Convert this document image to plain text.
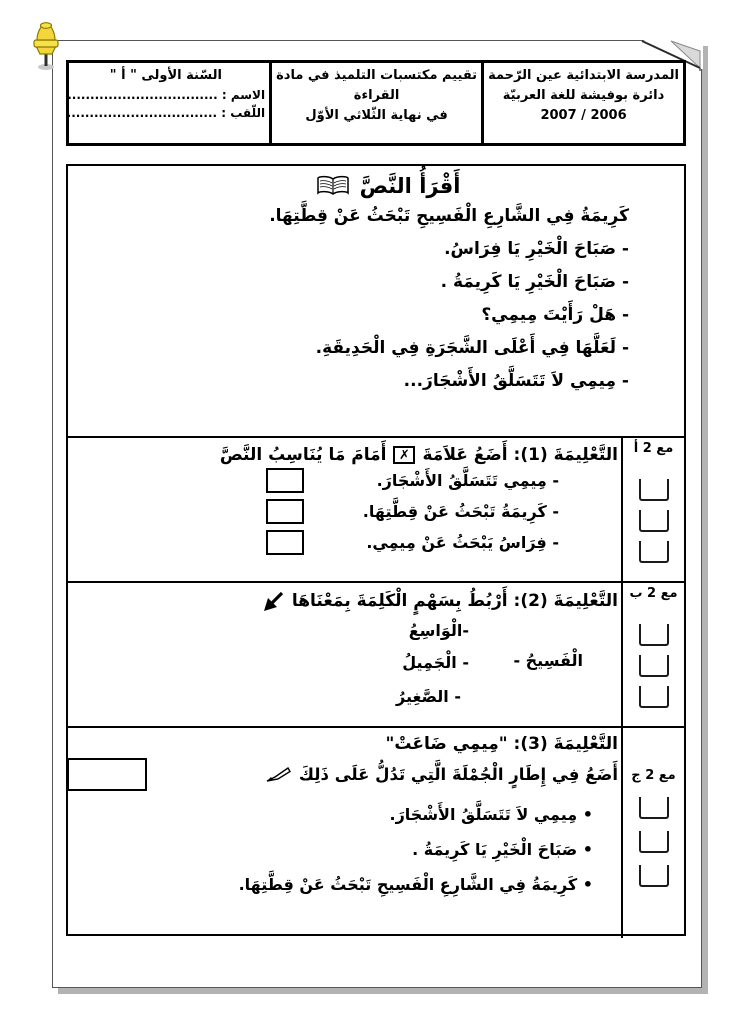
المدرسة الابتدائية عين الرّحمة
دائرة بوفيشة للغة العربيّة
2006 / 2007
تقييم مكتسبات التلميذ في مادة
القراءة
في نهاية الثّلاثي الأوّل
السّنة الأولى " أ "
الاسم : .................................
اللّقب : .................................
أَقْرَأُ النَّصَّ
كَرِيمَةُ فِي الشَّارِعِ الْفَسِيحِ تَبْحَثُ عَنْ قِطَّتِهَا.
- صَبَاحَ الْخَيْرِ يَا فِرَاسُ.
- صَبَاحَ الْخَيْرِ يَا كَرِيمَةُ .
- هَلْ رَأَيْتَ مِيمِي؟
- لَعَلَّهَا فِي أَعْلَى الشَّجَرَةِ فِي الْحَدِيقَةِ.
- مِيمِي لاَ تَتَسَلَّقُ الأَشْجَارَ...
مع 2 أ
التَّعْلِيمَةَ (1): أَضَعُ عَلاَمَةَ
✗
أَمَامَ مَا يُنَاسِبُ النَّصَّ
- مِيمِي تَتَسَلَّقُ الأَشْجَارَ.
- كَرِيمَةُ تَبْحَثُ عَنْ قِطَّتِهَا.
- فِرَاسُ يَبْحَثُ عَنْ مِيمِي.
مع 2 ب
التَّعْلِيمَةَ (2): أَرْبُطُ بِسَهْمٍ الْكَلِمَةَ بِمَعْنَاهَا
الْفَسِيحُ -
-الْوَاسِعُ
- الْجَمِيلُ
- الصَّغِيرُ
مع 2 ج
التَّعْلِيمَةَ (3): "مِيمِي ضَاعَتْ"
أَضَعُ فِي إِطَارٍ الْجُمْلَةَ الَّتِي تَدُلُّ عَلَى ذَلِكَ
• مِيمِي لاَ تَتَسَلَّقُ الأَشْجَارَ.
• صَبَاحَ الْخَيْرِ يَا كَرِيمَةُ .
• كَرِيمَةُ فِي الشَّارِعِ الْفَسِيحِ تَبْحَثُ عَنْ قِطَّتِهَا.
